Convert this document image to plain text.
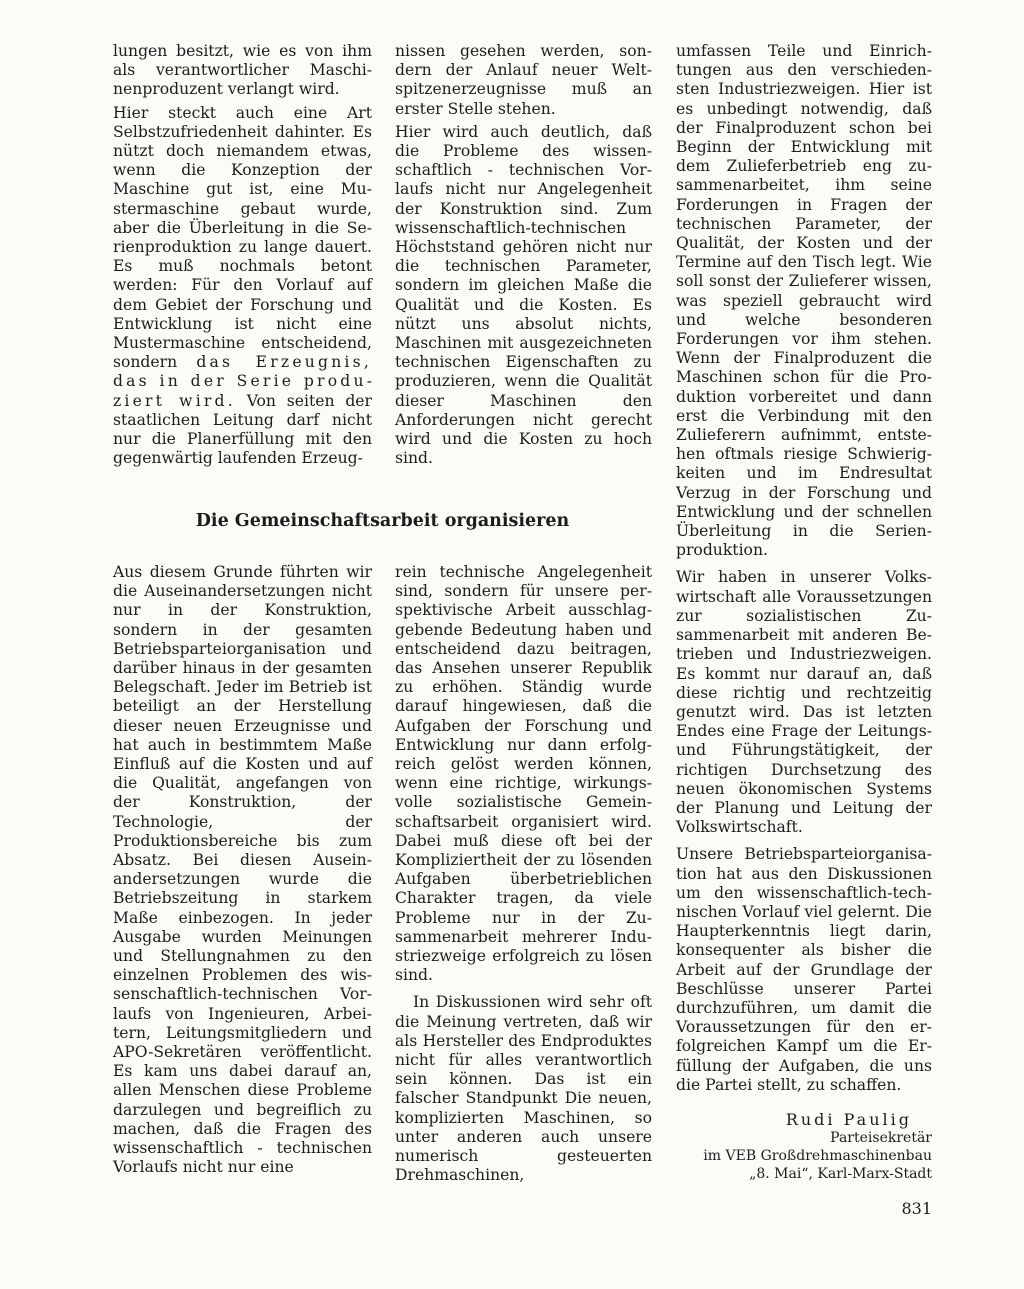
lungen besitzt, wie es von ihm als verantwortlicher Maschinenproduzent verlangt wird.

Hier steckt auch eine Art Selbstzufriedenheit dahinter. Es nützt doch niemandem etwas, wenn die Konzeption der Maschine gut ist, eine Mustermaschine gebaut wurde, aber die Überleitung in die Serienproduktion zu lange dauert. Es muß nochmals betont werden: Für den Vorlauf auf dem Gebiet der Forschung und Entwicklung ist nicht eine Mustermaschine entscheidend, sondern das Erzeugnis, das in der Serie produziert wird. Von seiten der staatlichen Leitung darf nicht nur die Planerfüllung mit den gegenwärtig laufenden Erzeug-

nissen gesehen werden, sondern der Anlauf neuer Weltspitzenerzeugnisse muß an erster Stelle stehen.

Hier wird auch deutlich, daß die Probleme des wissenschaftlich - technischen Vorlaufs nicht nur Angelegenheit der Konstruktion sind. Zum wissenschaftlich-technischen Höchststand gehören nicht nur die technischen Parameter, sondern im gleichen Maße die Qualität und die Kosten. Es nützt uns absolut nichts, Maschinen mit ausgezeichneten technischen Eigenschaften zu produzieren, wenn die Qualität dieser Maschinen den Anforderungen nicht gerecht wird und die Kosten zu hoch sind.

umfassen Teile und Einrichtungen aus den verschiedensten Industriezweigen. Hier ist es unbedingt notwendig, daß der Finalproduzent schon bei Beginn der Entwicklung mit dem Zulieferbetrieb eng zusammenarbeitet, ihm seine Forderungen in Fragen der technischen Parameter, der Qualität, der Kosten und der Termine auf den Tisch legt. Wie soll sonst der Zulieferer wissen, was speziell gebraucht wird und welche besonderen Forderungen vor ihm stehen. Wenn der Finalproduzent die Maschinen schon für die Produktion vorbereitet und dann erst die Verbindung mit den Zulieferern aufnimmt, entstehen oftmals riesige Schwierigkeiten und im Endresultat Verzug in der Forschung und Entwicklung und der schnellen Überleitung in die Serienproduktion.

Wir haben in unserer Volkswirtschaft alle Voraussetzungen zur sozialistischen Zusammenarbeit mit anderen Betrieben und Industriezweigen. Es kommt nur darauf an, daß diese richtig und rechtzeitig genutzt wird. Das ist letzten Endes eine Frage der Leitungs- und Führungstätigkeit, der richtigen Durchsetzung des neuen ökonomischen Systems der Planung und Leitung der Volkswirtschaft.

Unsere Betriebsparteiorganisation hat aus den Diskussionen um den wissenschaftlich-technischen Vorlauf viel gelernt. Die Haupterkenntnis liegt darin, konsequenter als bisher die Arbeit auf der Grundlage der Beschlüsse unserer Partei durchzuführen, um damit die Voraussetzungen für den erfolgreichen Kampf um die Erfüllung der Aufgaben, die uns die Partei stellt, zu schaffen.

Die Gemeinschaftsarbeit organisieren

Aus diesem Grunde führten wir die Auseinandersetzungen nicht nur in der Konstruktion, sondern in der gesamten Betriebsparteiorganisation und darüber hinaus in der gesamten Belegschaft. Jeder im Betrieb ist beteiligt an der Herstellung dieser neuen Erzeugnisse und hat auch in bestimmtem Maße Einfluß auf die Kosten und auf die Qualität, angefangen von der Konstruktion, der Technologie, der Produktionsbereiche bis zum Absatz. Bei diesen Auseinandersetzungen wurde die Betriebszeitung in starkem Maße einbezogen. In jeder Ausgabe wurden Meinungen und Stellungnahmen zu den einzelnen Problemen des wissenschaftlich-technischen Vorlaufs von Ingenieuren, Arbeitern, Leitungsmitgliedern und APO-Sekretären veröffentlicht. Es kam uns dabei darauf an, allen Menschen diese Probleme darzulegen und begreiflich zu machen, daß die Fragen des wissenschaftlich - technischen Vorlaufs nicht nur eine

rein technische Angelegenheit sind, sondern für unsere perspektivische Arbeit ausschlaggebende Bedeutung haben und entscheidend dazu beitragen, das Ansehen unserer Republik zu erhöhen. Ständig wurde darauf hingewiesen, daß die Aufgaben der Forschung und Entwicklung nur dann erfolgreich gelöst werden können, wenn eine richtige, wirkungsvolle sozialistische Gemeinschaftsarbeit organisiert wird. Dabei muß diese oft bei der Kompliziertheit der zu lösenden Aufgaben überbetrieblichen Charakter tragen, da viele Probleme nur in der Zusammenarbeit mehrerer Industriezweige erfolgreich zu lösen sind.

In Diskussionen wird sehr oft die Meinung vertreten, daß wir als Hersteller des Endproduktes nicht für alles verantwortlich sein können. Das ist ein falscher Standpunkt Die neuen, komplizierten Maschinen, so unter anderen auch unsere numerisch gesteuerten Drehmaschinen,

Rudi Paulig
Parteisekretär
im VEB Großdrehmaschinenbau
„8. Mai“, Karl-Marx-Stadt
831
